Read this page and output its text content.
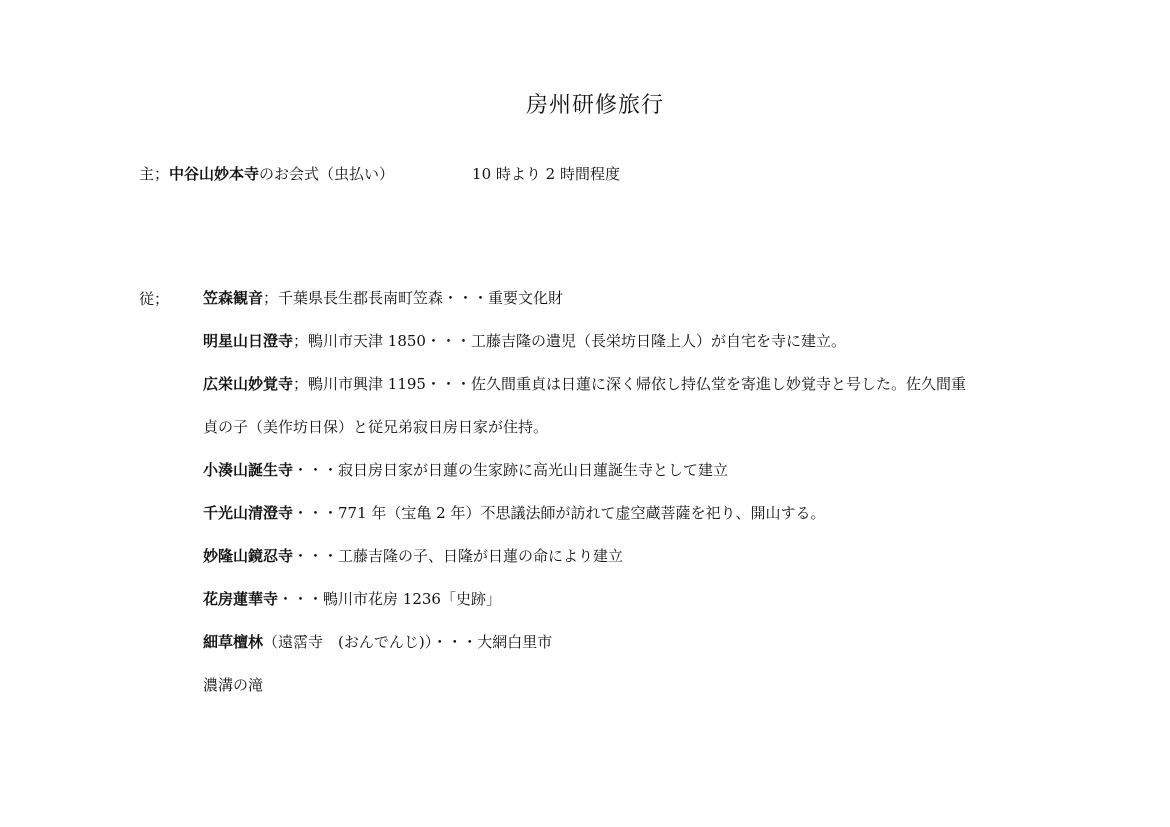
房州研修旅行
主；中谷山妙本寺のお会式（虫払い）	10 時より 2 時間程度
従； 笠森観音；千葉県長生郡長南町笠森・・・重要文化財
明星山日澄寺；鴨川市天津 1850・・・工藤吉隆の遺児（長栄坊日隆上人）が自宅を寺に建立。
広栄山妙覚寺；鴨川市興津 1195・・・佐久間重貞は日蓮に深く帰依し持仏堂を寄進し妙覚寺と号した。佐久間重
貞の子（美作坊日保）と従兄弟寂日房日家が住持。
小湊山誕生寺・・・寂日房日家が日蓮の生家跡に高光山日蓮誕生寺として建立
千光山清澄寺・・・771 年（宝亀 2 年）不思議法師が訪れて虚空蔵菩薩を祀り、開山する。
妙隆山鏡忍寺・・・工藤吉隆の子、日隆が日蓮の命により建立
花房蓮華寺・・・鴨川市花房 1236「史跡」
細草檀林（遠霑寺　(おんでんじ)）・・・大網白里市
濃溝の滝
